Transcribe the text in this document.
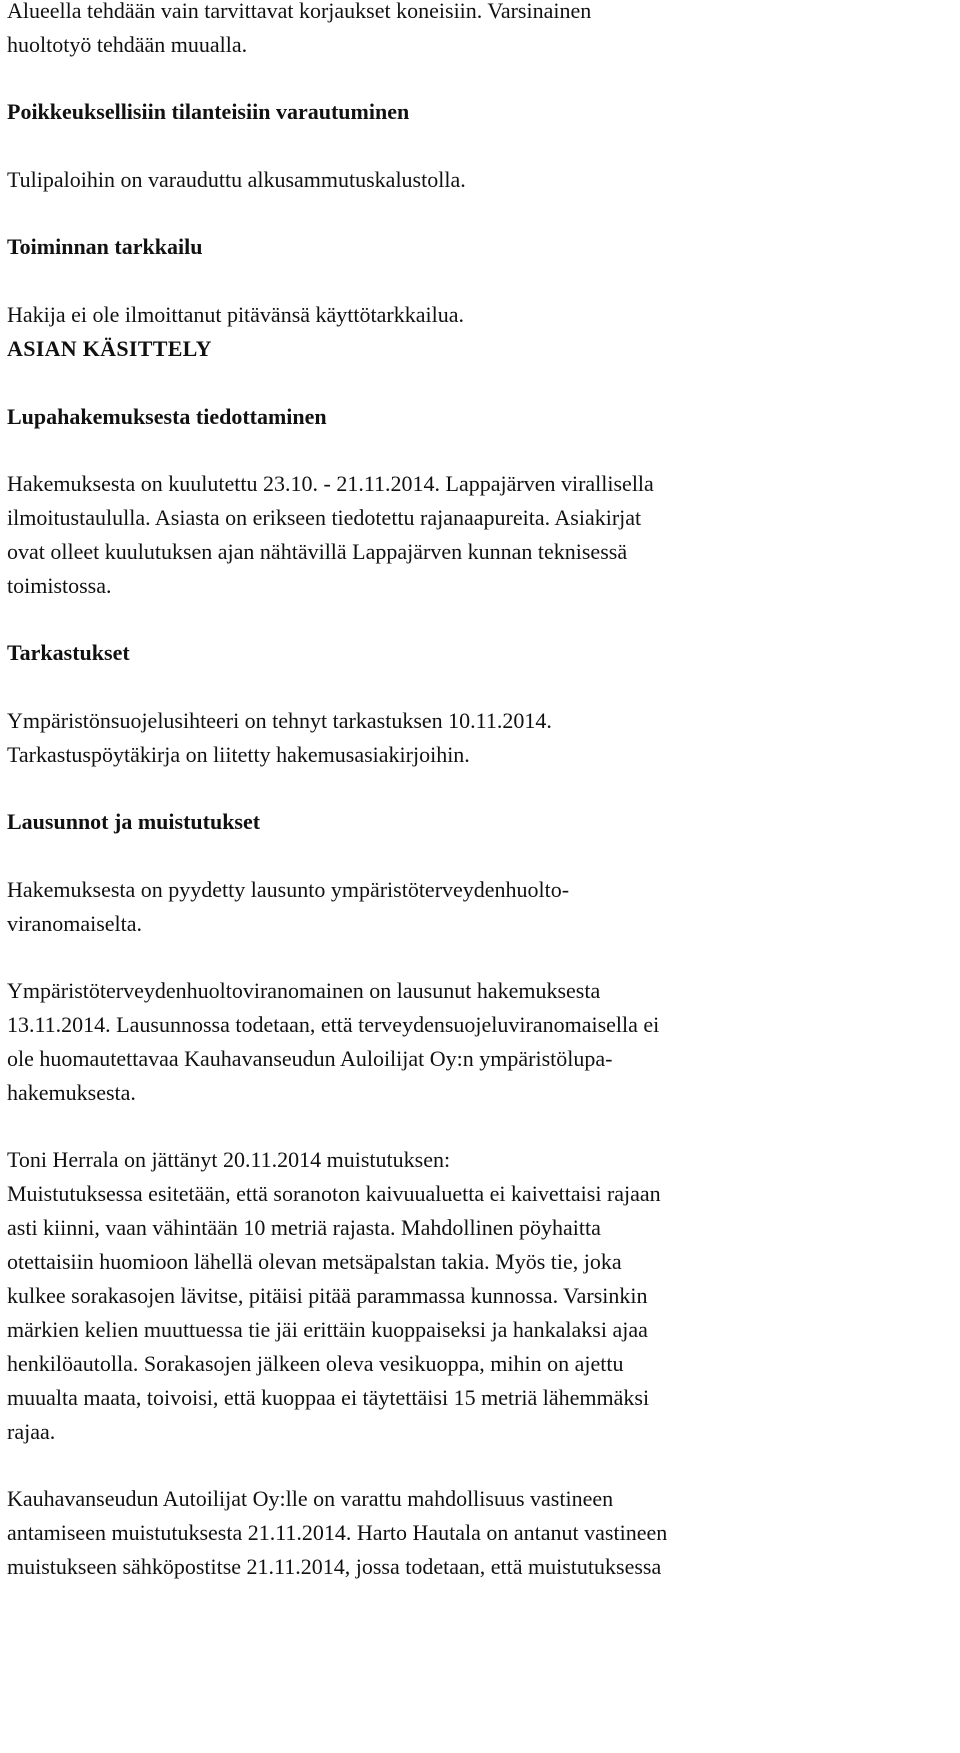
Alueella tehdään vain tarvittavat korjaukset koneisiin. Varsinainen

huoltotyö tehdään muualla.

Poikkeuksellisiin tilanteisiin varautuminen

Tulipaloihin on varauduttu alkusammutuskalustolla.

Toiminnan tarkkailu

Hakija ei ole ilmoittanut pitävänsä käyttötarkkailua.

ASIAN KÄSITTELY

Lupahakemuksesta tiedottaminen

Hakemuksesta on kuulutettu 23.10. - 21.11.2014. Lappajärven virallisella

ilmoitustaululla. Asiasta on erikseen tiedotettu rajanaapureita. Asiakirjat

ovat olleet kuulutuksen ajan nähtävillä Lappajärven kunnan teknisessä

toimistossa.

Tarkastukset

Ympäristönsuojelusihteeri on tehnyt tarkastuksen 10.11.2014.

Tarkastuspöytäkirja on liitetty hakemusasiakirjoihin.

Lausunnot ja muistutukset

Hakemuksesta on pyydetty lausunto ympäristöterveydenhuolto-

viranomaiselta.

Ympäristöterveydenhuoltoviranomainen on lausunut hakemuksesta

13.11.2014. Lausunnossa todetaan, että terveydensuojeluviranomaisella ei

ole huomautettavaa Kauhavanseudun Auloilijat Oy:n ympäristölupa-

hakemuksesta.

Toni Herrala on jättänyt 20.11.2014 muistutuksen:

Muistutuksessa esitetään, että soranoton kaivuualuetta ei kaivettaisi rajaan

asti kiinni, vaan vähintään 10 metriä rajasta. Mahdollinen pöyhaitta

otettaisiin huomioon lähellä olevan metsäpalstan takia. Myös tie, joka

kulkee sorakasojen lävitse, pitäisi pitää parammassa kunnossa. Varsinkin

märkien kelien muuttuessa tie jäi erittäin kuoppaiseksi ja hankalaksi ajaa

henkilöautolla. Sorakasojen jälkeen oleva vesikuoppa, mihin on ajettu

muualta maata, toivoisi, että kuoppaa ei täytettäisi 15 metriä lähemmäksi

rajaa.

Kauhavanseudun Autoilijat Oy:lle on varattu mahdollisuus vastineen

antamiseen muistutuksesta 21.11.2014. Harto Hautala on antanut vastineen

muistukseen sähköpostitse 21.11.2014, jossa todetaan, että muistutuksessa
